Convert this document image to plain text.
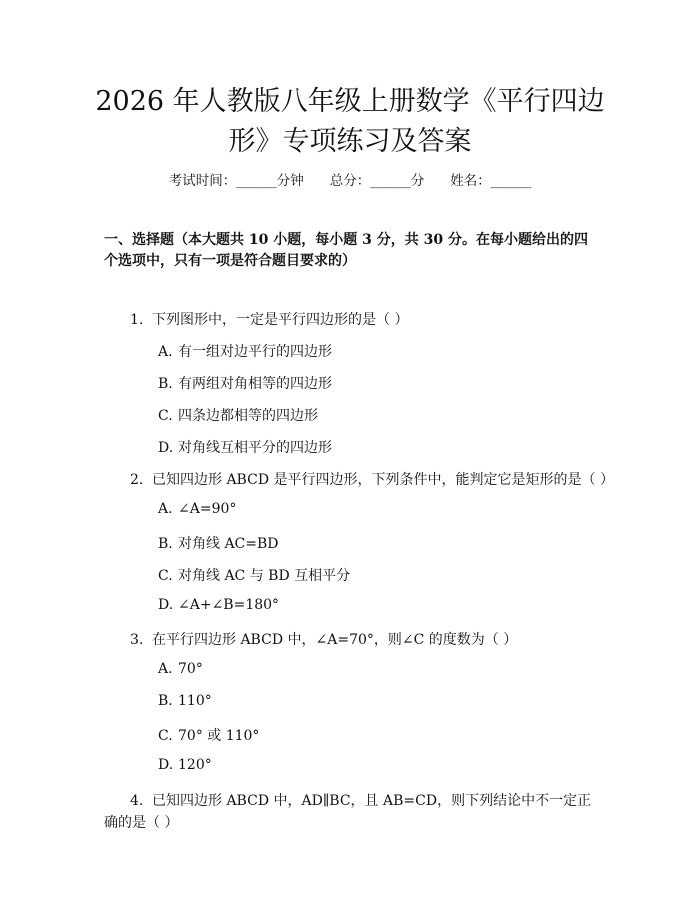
2026 年人教版八年级上册数学《平行四边
形》专项练习及答案
考试时间：______分钟 总分：______分 姓名：______
一、选择题（本大题共 10 小题，每小题 3 分，共 30 分。在每小题给出的四个选项中，只有一项是符合题目要求的）
1. 下列图形中，一定是平行四边形的是（ ）
A. 有一组对边平行的四边形
B. 有两组对角相等的四边形
C. 四条边都相等的四边形
D. 对角线互相平分的四边形
2. 已知四边形 ABCD 是平行四边形，下列条件中，能判定它是矩形的是（ ）
A. ∠A=90°
B. 对角线 AC=BD
C. 对角线 AC 与 BD 互相平分
D. ∠A+∠B=180°
3. 在平行四边形 ABCD 中，∠A=70°，则∠C 的度数为（ ）
A. 70°
B. 110°
C. 70° 或 110°
D. 120°
4. 已知四边形 ABCD 中，AD∥BC，且 AB=CD，则下列结论中不一定正确的是（ ）
